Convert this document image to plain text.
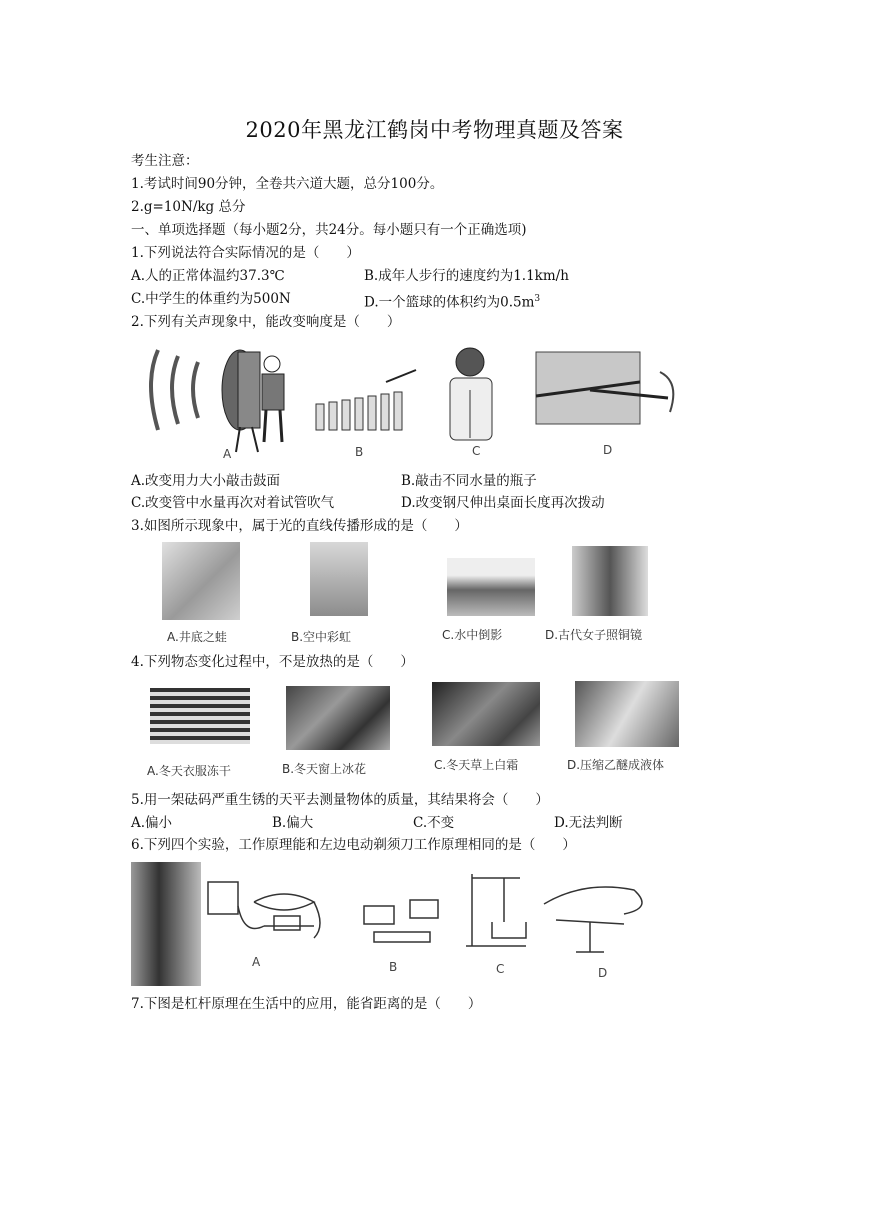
2020年黑龙江鹤岗中考物理真题及答案
考生注意：
1.考试时间90分钟，全卷共六道大题，总分100分。
2.g=10N/kg 总分
一、单项选择题（每小题2分，共24分。每小题只有一个正确选项)
1.下列说法符合实际情况的是（　　）
A.人的正常体温约37.3℃	B.成年人步行的速度约为1.1km/h
C.中学生的体重约为500N	D.一个篮球的体积约为$0.5m^3$
2.下列有关声现象中，能改变响度是（　　）
A	B	C	D
A.改变用力大小敲击鼓面	B.敲击不同水量的瓶子
C.改变管中水量再次对着试管吹气	D.改变钢尺伸出桌面长度再次拨动
3.如图所示现象中，属于光的直线传播形成的是（　　）
A.井底之蛙	B.空中彩虹	C.水中倒影	D.古代女子照铜镜
4.下列物态变化过程中，不是放热的是（　　）
A.冬天衣服冻干	B.冬天窗上冰花	C.冬天草上白霜	D.压缩乙醚成液体
5.用一架砝码严重生锈的天平去测量物体的质量，其结果将会（　　）
A.偏小	B.偏大	C.不变	D.无法判断
6.下列四个实验，工作原理能和左边电动剃须刀工作原理相同的是（　　）
A	B	C	D
7.下图是杠杆原理在生活中的应用，能省距离的是（　　）
